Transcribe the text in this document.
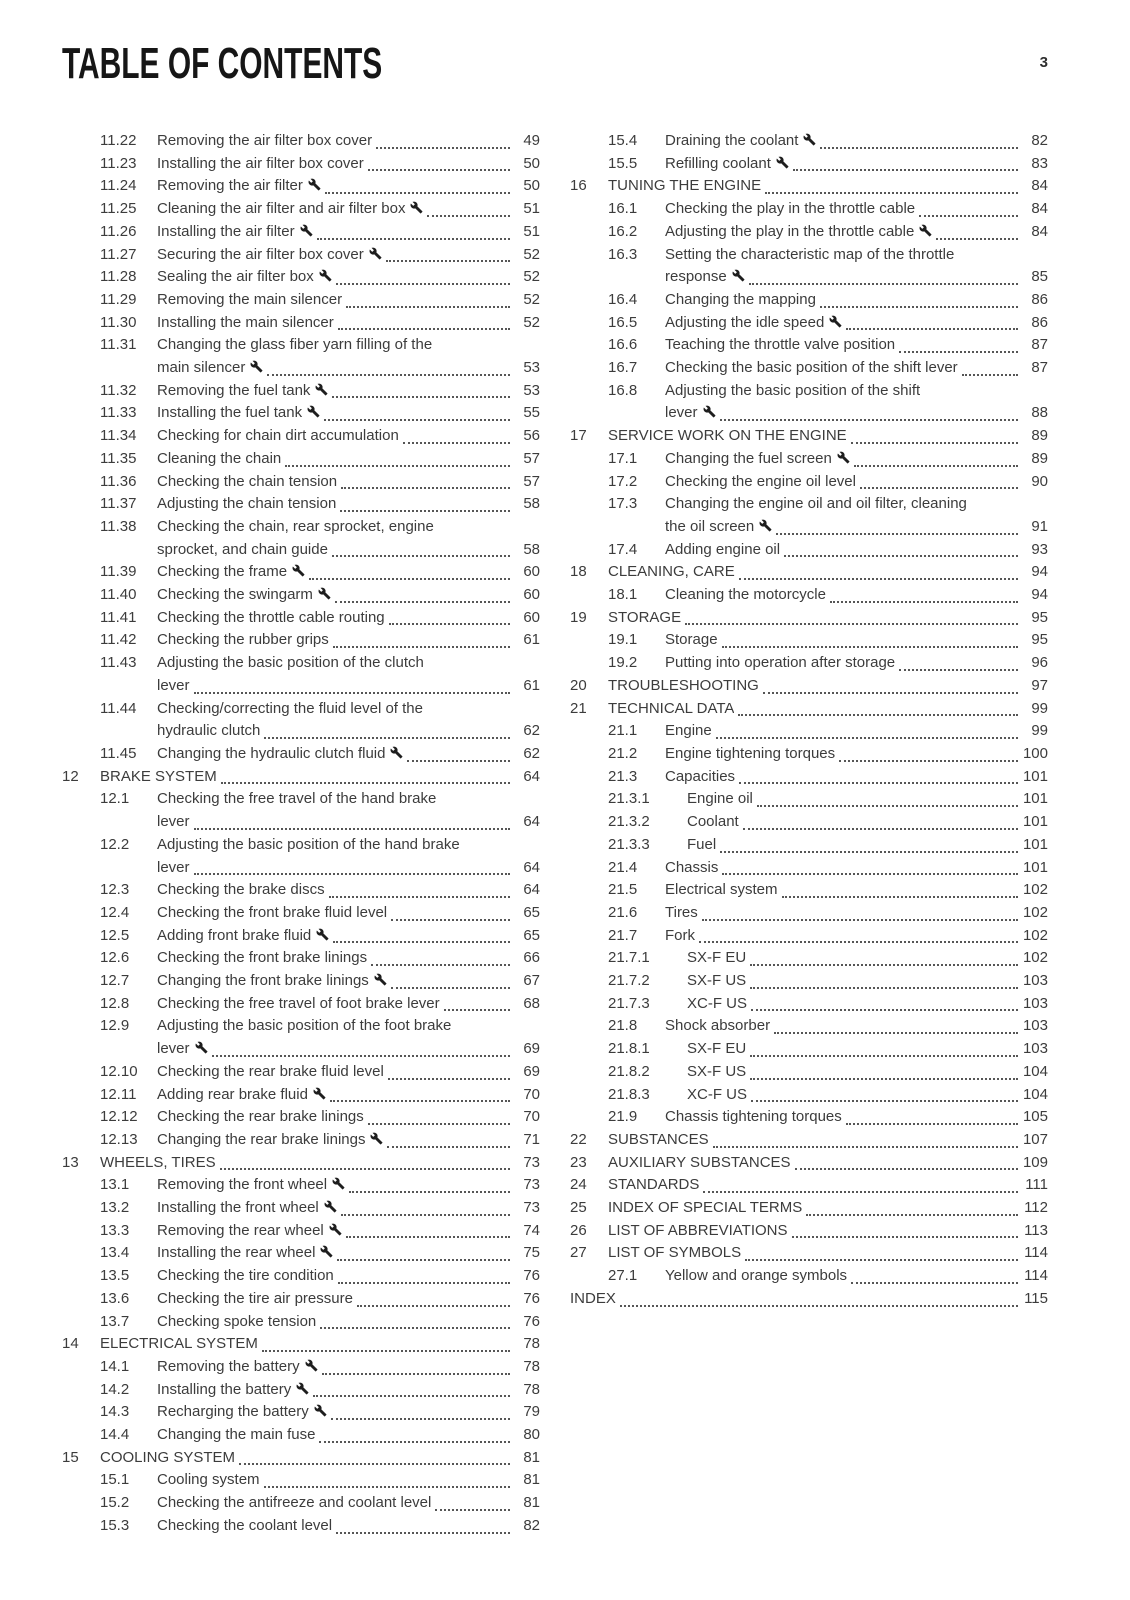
TABLE OF CONTENTS	3
11.22	Removing the air filter box cover	49
11.23	Installing the air filter box cover	50
11.24	Removing the air filter	50
11.25	Cleaning the air filter and air filter box	51
11.26	Installing the air filter	51
11.27	Securing the air filter box cover	52
11.28	Sealing the air filter box	52
11.29	Removing the main silencer	52
11.30	Installing the main silencer	52
11.31	Changing the glass fiber yarn filling of the
main silencer	53
11.32	Removing the fuel tank	53
11.33	Installing the fuel tank	55
11.34	Checking for chain dirt accumulation	56
11.35	Cleaning the chain	57
11.36	Checking the chain tension	57
11.37	Adjusting the chain tension	58
11.38	Checking the chain, rear sprocket, engine
sprocket, and chain guide	58
11.39	Checking the frame	60
11.40	Checking the swingarm	60
11.41	Checking the throttle cable routing	60
11.42	Checking the rubber grips	61
11.43	Adjusting the basic position of the clutch
lever	61
11.44	Checking/correcting the fluid level of the
hydraulic clutch	62
11.45	Changing the hydraulic clutch fluid	62
12	BRAKE SYSTEM	64
12.1	Checking the free travel of the hand brake
lever	64
12.2	Adjusting the basic position of the hand brake
lever	64
12.3	Checking the brake discs	64
12.4	Checking the front brake fluid level	65
12.5	Adding front brake fluid	65
12.6	Checking the front brake linings	66
12.7	Changing the front brake linings	67
12.8	Checking the free travel of foot brake lever	68
12.9	Adjusting the basic position of the foot brake
lever	69
12.10	Checking the rear brake fluid level	69
12.11	Adding rear brake fluid	70
12.12	Checking the rear brake linings	70
12.13	Changing the rear brake linings	71
13	WHEELS, TIRES	73
13.1	Removing the front wheel	73
13.2	Installing the front wheel	73
13.3	Removing the rear wheel	74
13.4	Installing the rear wheel	75
13.5	Checking the tire condition	76
13.6	Checking the tire air pressure	76
13.7	Checking spoke tension	76
14	ELECTRICAL SYSTEM	78
14.1	Removing the battery	78
14.2	Installing the battery	78
14.3	Recharging the battery	79
14.4	Changing the main fuse	80
15	COOLING SYSTEM	81
15.1	Cooling system	81
15.2	Checking the antifreeze and coolant level	81
15.3	Checking the coolant level	82
15.4	Draining the coolant	82
15.5	Refilling coolant	83
16	TUNING THE ENGINE	84
16.1	Checking the play in the throttle cable	84
16.2	Adjusting the play in the throttle cable	84
16.3	Setting the characteristic map of the throttle
response	85
16.4	Changing the mapping	86
16.5	Adjusting the idle speed	86
16.6	Teaching the throttle valve position	87
16.7	Checking the basic position of the shift lever	87
16.8	Adjusting the basic position of the shift
lever	88
17	SERVICE WORK ON THE ENGINE	89
17.1	Changing the fuel screen	89
17.2	Checking the engine oil level	90
17.3	Changing the engine oil and oil filter, cleaning
the oil screen	91
17.4	Adding engine oil	93
18	CLEANING, CARE	94
18.1	Cleaning the motorcycle	94
19	STORAGE	95
19.1	Storage	95
19.2	Putting into operation after storage	96
20	TROUBLESHOOTING	97
21	TECHNICAL DATA	99
21.1	Engine	99
21.2	Engine tightening torques	100
21.3	Capacities	101
21.3.1	Engine oil	101
21.3.2	Coolant	101
21.3.3	Fuel	101
21.4	Chassis	101
21.5	Electrical system	102
21.6	Tires	102
21.7	Fork	102
21.7.1	SX-F EU	102
21.7.2	SX-F US	103
21.7.3	XC-F US	103
21.8	Shock absorber	103
21.8.1	SX-F EU	103
21.8.2	SX-F US	104
21.8.3	XC-F US	104
21.9	Chassis tightening torques	105
22	SUBSTANCES	107
23	AUXILIARY SUBSTANCES	109
24	STANDARDS	111
25	INDEX OF SPECIAL TERMS	112
26	LIST OF ABBREVIATIONS	113
27	LIST OF SYMBOLS	114
27.1	Yellow and orange symbols	114
INDEX	115
